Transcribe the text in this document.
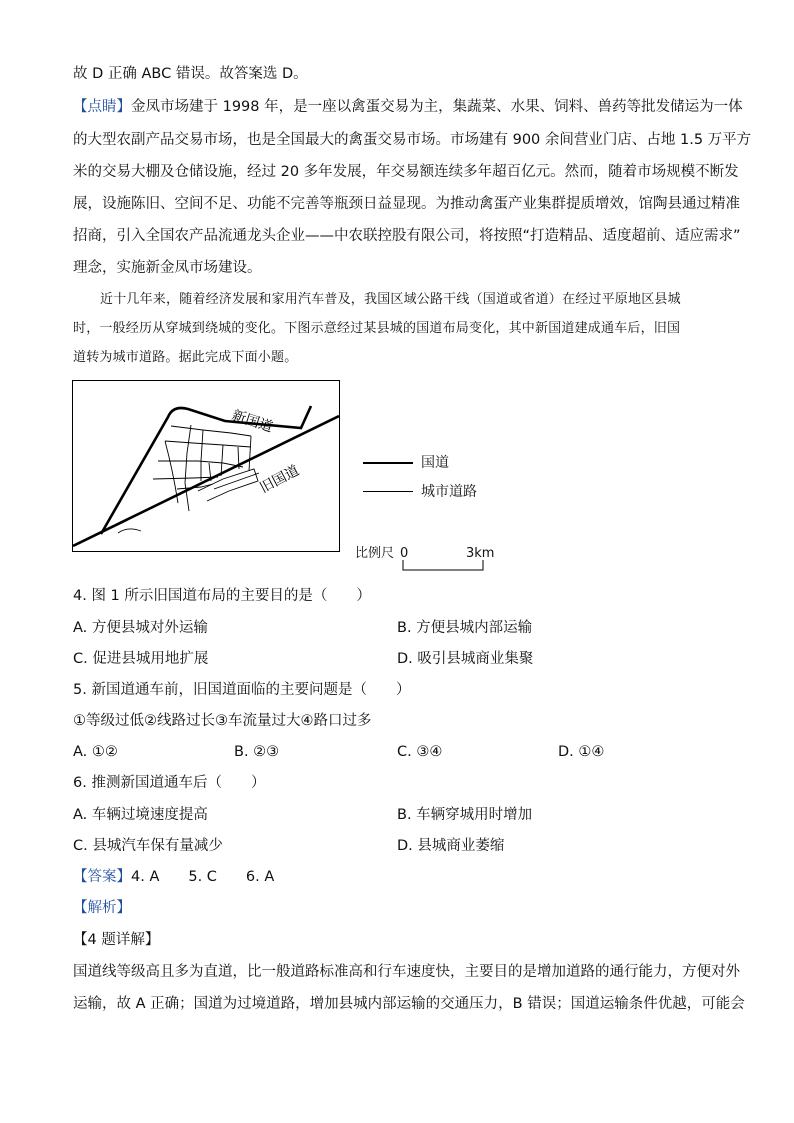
故 D 正确 ABC 错误。故答案选 D。
【点睛】金凤市场建于 1998 年，是一座以禽蛋交易为主，集蔬菜、水果、饲料、兽药等批发储运为一体
的大型农副产品交易市场，也是全国最大的禽蛋交易市场。市场建有 900 余间营业门店、占地 1.5 万平方
米的交易大棚及仓储设施，经过 20 多年发展，年交易额连续多年超百亿元。然而，随着市场规模不断发
展，设施陈旧、空间不足、功能不完善等瓶颈日益显现。为推动禽蛋产业集群提质增效，馆陶县通过精准
招商，引入全国农产品流通龙头企业——中农联控股有限公司，将按照“打造精品、适度超前、适应需求”
理念，实施新金凤市场建设。
近十几年来，随着经济发展和家用汽车普及，我国区域公路干线（国道或省道）在经过平原地区县城
时，一般经历从穿城到绕城的变化。下图示意经过某县城的国道布局变化，其中新国道建成通车后，旧国
道转为城市道路。据此完成下面小题。
新国道
旧国道	国道
城市道路
比例尺 0	3km
4. 图 1 所示旧国道布局的主要目的是（　　）
A. 方便县城对外运输	B. 方便县城内部运输
C. 促进县城用地扩展	D. 吸引县城商业集聚
5. 新国道通车前，旧国道面临的主要问题是（　　）
①等级过低②线路过长③车流量过大④路口过多
A. ①②	B. ②③	C. ③④	D. ①④
6. 推测新国道通车后（　　）
A. 车辆过境速度提高	B. 车辆穿城用时增加
C. 县城汽车保有量减少	D. 县城商业萎缩
【答案】4. A　　5. C　　6. A
【解析】
【4 题详解】
国道线等级高且多为直道，比一般道路标准高和行车速度快，主要目的是增加道路的通行能力，方便对外
运输，故 A 正确；国道为过境道路，增加县城内部运输的交通压力，B 错误；国道运输条件优越，可能会
